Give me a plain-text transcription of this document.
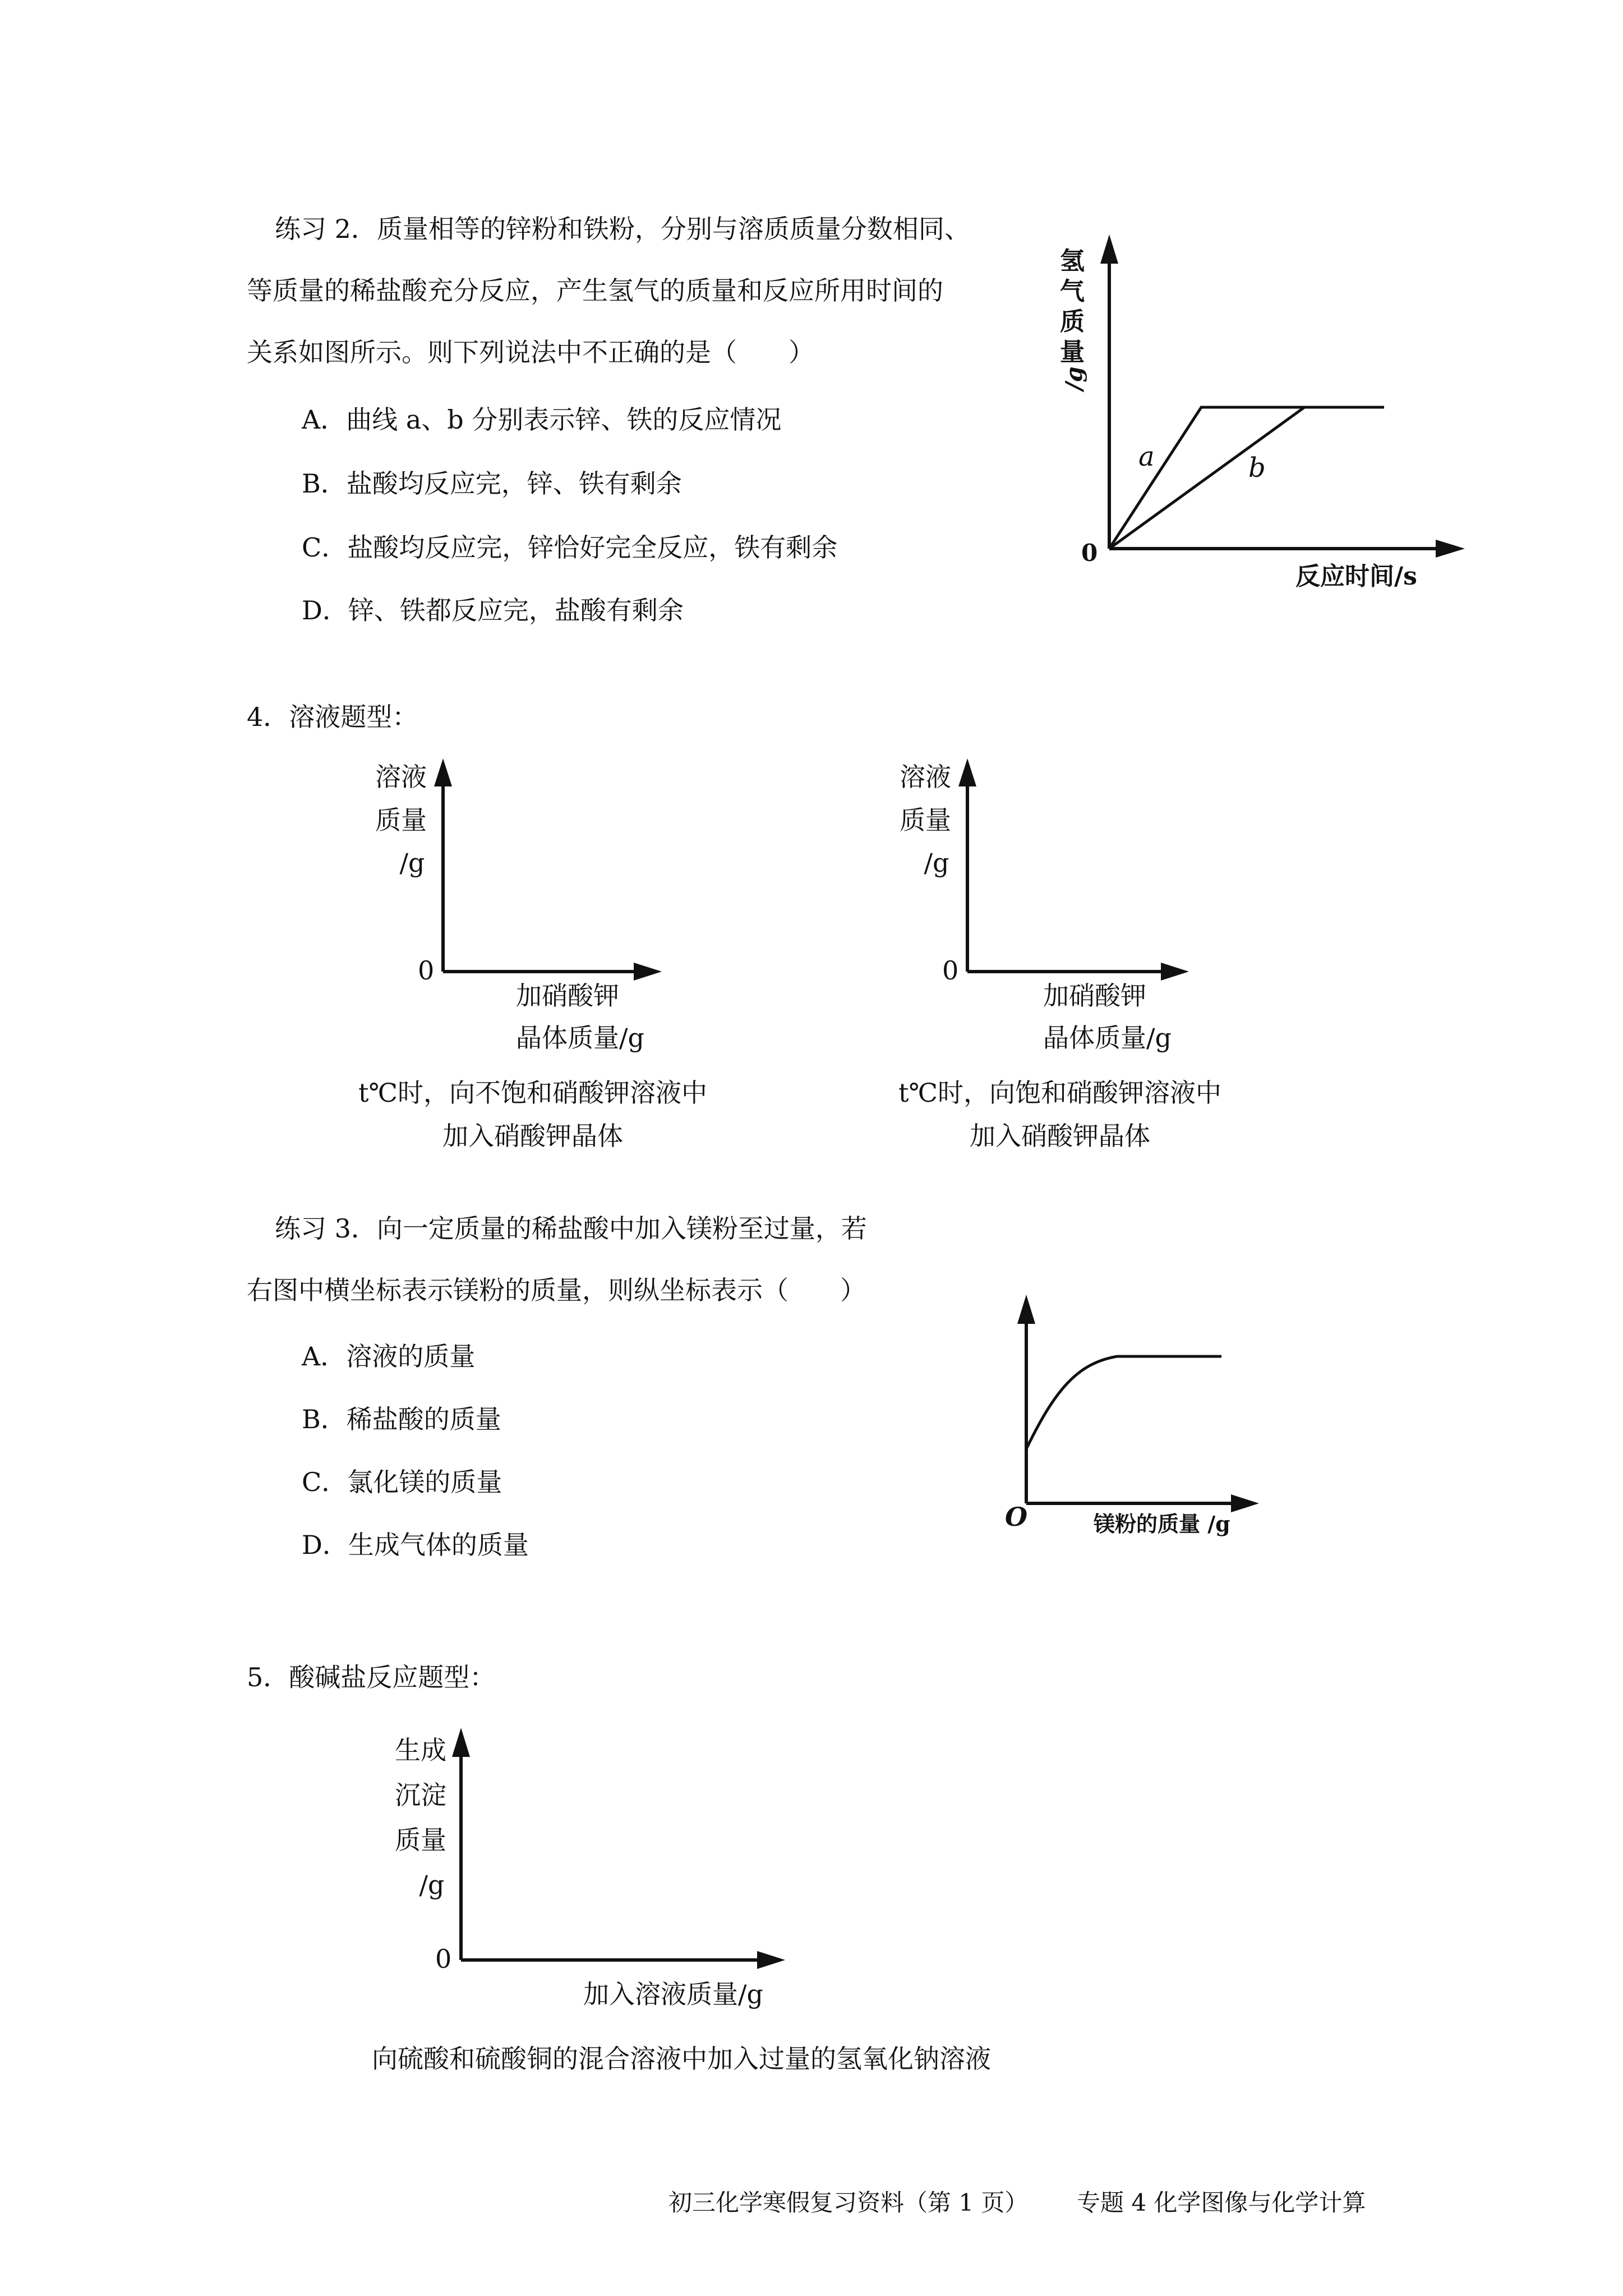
练习 2．质量相等的锌粉和铁粉，分别与溶质质量分数相同、
等质量的稀盐酸充分反应，产生氢气的质量和反应所用时间的
关系如图所示。则下列说法中不正确的是（　　）
A．曲线 a、b 分别表示锌、铁的反应情况
B．盐酸均反应完，锌、铁有剩余
C．盐酸均反应完，锌恰好完全反应，铁有剩余
D．锌、铁都反应完，盐酸有剩余
4．溶液题型：
溶液
质量
/g
0
加硝酸钾
晶体质量/g
t℃时，向不饱和硝酸钾溶液中
加入硝酸钾晶体
溶液
质量
/g
0
加硝酸钾
晶体质量/g
t℃时，向饱和硝酸钾溶液中
加入硝酸钾晶体
练习 3．向一定质量的稀盐酸中加入镁粉至过量，若
右图中横坐标表示镁粉的质量，则纵坐标表示（　　）
A．溶液的质量
B．稀盐酸的质量
C．氯化镁的质量
D．生成气体的质量
5．酸碱盐反应题型：
生成
沉淀
质量
/g
0
加入溶液质量/g
向硫酸和硫酸铜的混合溶液中加入过量的氢氧化钠溶液
初三化学寒假复习资料（第 1 页） 专题 4 化学图像与化学计算
氢
气
质
量
/g
0
反应时间/s
a	b
O	镁粉的质量 /g
